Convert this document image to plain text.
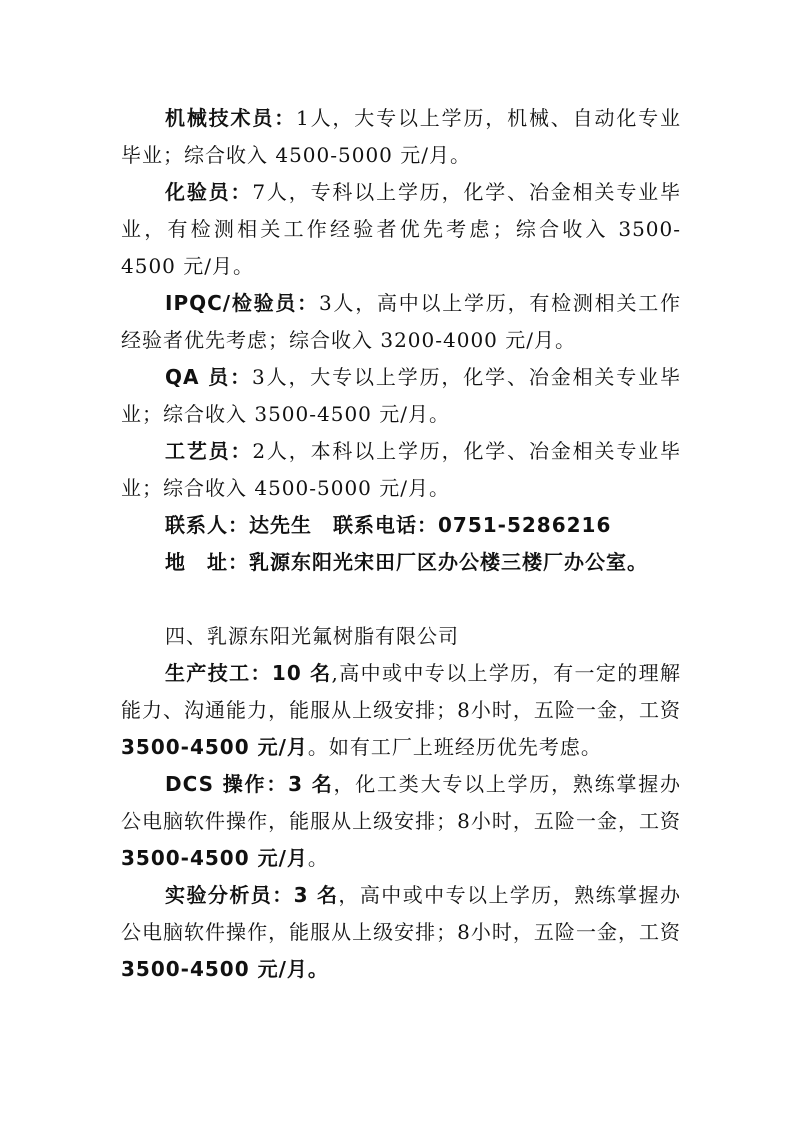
机械技术员：1人，大专以上学历，机械、自动化专业毕业；综合收入 4500-5000 元/月。

化验员：7人，专科以上学历，化学、冶金相关专业毕业，有检测相关工作经验者优先考虑；综合收入 3500-4500 元/月。

IPQC/检验员：3人，高中以上学历，有检测相关工作经验者优先考虑；综合收入 3200-4000 元/月。

QA 员：3人，大专以上学历，化学、冶金相关专业毕业；综合收入 3500-4500 元/月。

工艺员：2人，本科以上学历，化学、冶金相关专业毕业；综合收入 4500-5000 元/月。

联系人：达先生　联系电话：0751-5286216

地　址：乳源东阳光宋田厂区办公楼三楼厂办公室。

四、乳源东阳光氟树脂有限公司

生产技工：10 名,高中或中专以上学历，有一定的理解能力、沟通能力，能服从上级安排；8小时，五险一金，工资 3500-4500 元/月。如有工厂上班经历优先考虑。

DCS 操作：3 名，化工类大专以上学历，熟练掌握办公电脑软件操作，能服从上级安排；8小时，五险一金，工资 3500-4500 元/月。

实验分析员：3 名，高中或中专以上学历，熟练掌握办公电脑软件操作，能服从上级安排；8小时，五险一金，工资 3500-4500 元/月。
